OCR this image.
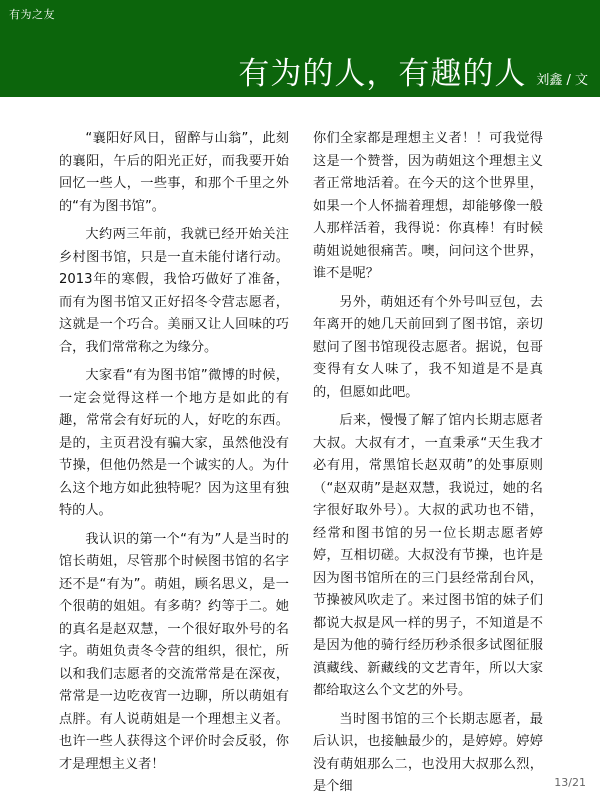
有为之友
有为的人，有趣的人 刘鑫 / 文

“襄阳好风日，留醉与山翁”，此刻的襄阳，午后的阳光正好，而我要开始回忆一些人，一些事，和那个千里之外的“有为图书馆”。

大约两三年前，我就已经开始关注乡村图书馆，只是一直未能付诸行动。2013年的寒假，我恰巧做好了准备，而有为图书馆又正好招冬令营志愿者，这就是一个巧合。美丽又让人回味的巧合，我们常常称之为缘分。

大家看“有为图书馆”微博的时候，一定会觉得这样一个地方是如此的有趣，常常会有好玩的人，好吃的东西。是的，主页君没有骗大家，虽然他没有节操，但他仍然是一个诚实的人。为什么这个地方如此独特呢？因为这里有独特的人。

我认识的第一个“有为”人是当时的馆长萌姐，尽管那个时候图书馆的名字还不是“有为”。萌姐，顾名思义，是一个很萌的姐姐。有多萌？约等于二。她的真名是赵双慧，一个很好取外号的名字。萌姐负责冬令营的组织，很忙，所以和我们志愿者的交流常常是在深夜，常常是一边吃夜宵一边聊，所以萌姐有点胖。有人说萌姐是一个理想主义者。也许一些人获得这个评价时会反驳，你才是理想主义者！

你们全家都是理想主义者！！可我觉得这是一个赞誉，因为萌姐这个理想主义者正常地活着。在今天的这个世界里，如果一个人怀揣着理想，却能够像一般人那样活着，我得说：你真棒！有时候萌姐说她很痛苦。噢，问问这个世界，谁不是呢？

另外，萌姐还有个外号叫豆包，去年离开的她几天前回到了图书馆，亲切慰问了图书馆现役志愿者。据说，包哥变得有女人味了，我不知道是不是真的，但愿如此吧。

后来，慢慢了解了馆内长期志愿者大叔。大叔有才，一直秉承“天生我才必有用，常黑馆长赵双萌”的处事原则（“赵双萌”是赵双慧，我说过，她的名字很好取外号）。大叔的武功也不错，经常和图书馆的另一位长期志愿者婷婷，互相切磋。大叔没有节操，也许是因为图书馆所在的三门县经常刮台风，节操被风吹走了。来过图书馆的妹子们都说大叔是风一样的男子，不知道是不是因为他的骑行经历秒杀很多试图征服滇藏线、新藏线的文艺青年，所以大家都给取这么个文艺的外号。

当时图书馆的三个长期志愿者，最后认识，也接触最少的，是婷婷。婷婷没有萌姐那么二，也没用大叔那么烈，是个细	13/21
